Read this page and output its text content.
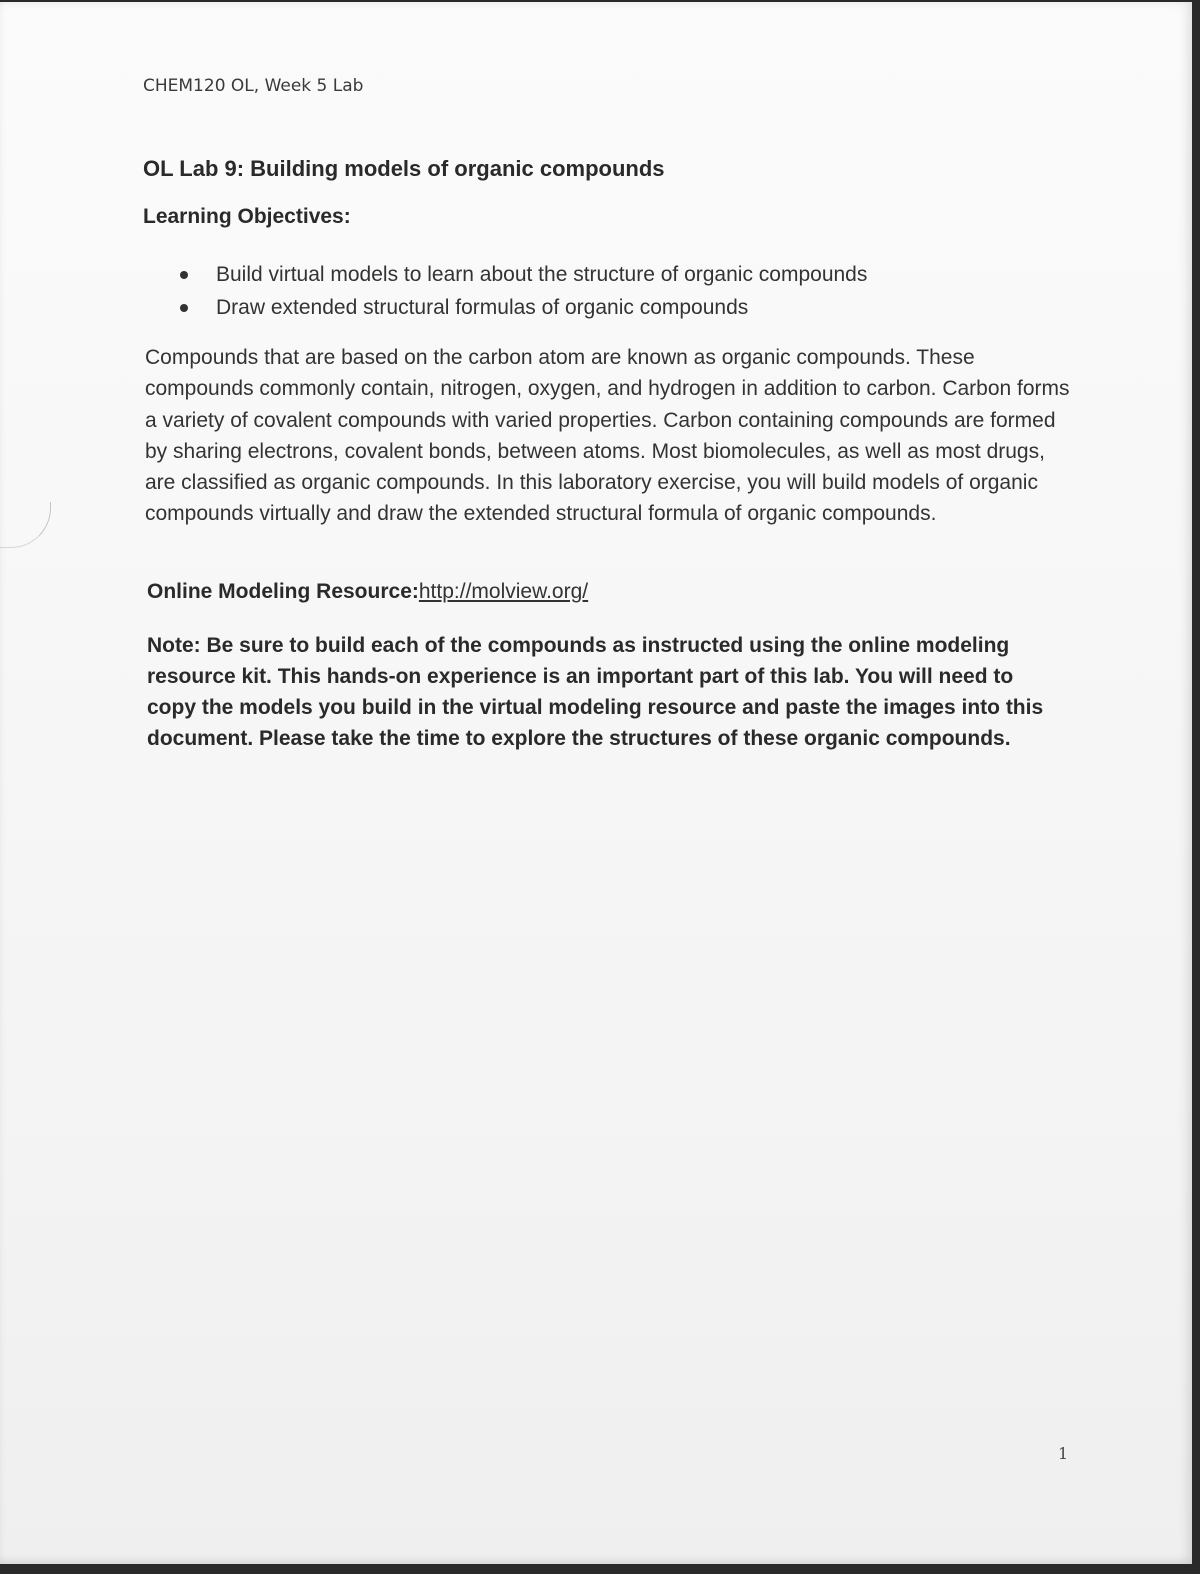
CHEM120 OL, Week 5 Lab
OL Lab 9: Building models of organic compounds
Learning Objectives:
Build virtual models to learn about the structure of organic compounds
Draw extended structural formulas of organic compounds

Compounds that are based on the carbon atom are known as organic compounds. These compounds commonly contain, nitrogen, oxygen, and hydrogen in addition to carbon. Carbon forms a variety of covalent compounds with varied properties. Carbon containing compounds are formed by sharing electrons, covalent bonds, between atoms. Most biomolecules, as well as most drugs, are classified as organic compounds. In this laboratory exercise, you will build models of organic compounds virtually and draw the extended structural formula of organic compounds.

Online Modeling Resource:http://molview.org/

Note: Be sure to build each of the compounds as instructed using the online modeling resource kit. This hands-on experience is an important part of this lab. You will need to copy the models you build in the virtual modeling resource and paste the images into this document. Please take the time to explore the structures of these organic compounds.

1
